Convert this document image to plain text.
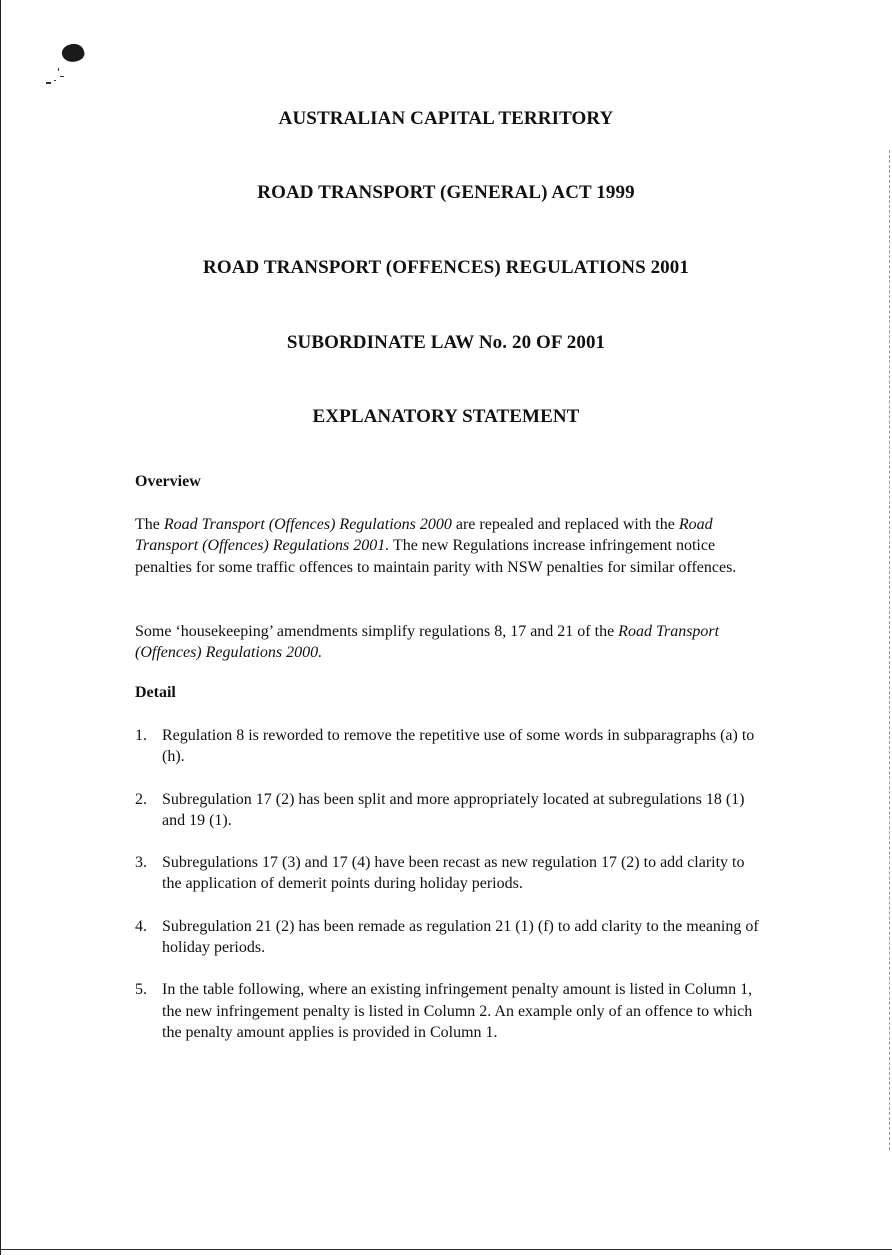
AUSTRALIAN CAPITAL TERRITORY
ROAD TRANSPORT (GENERAL) ACT 1999
ROAD TRANSPORT (OFFENCES) REGULATIONS 2001
SUBORDINATE LAW No. 20 OF 2001
EXPLANATORY STATEMENT
Overview

The Road Transport (Offences) Regulations 2000 are repealed and replaced with the Road Transport (Offences) Regulations 2001. The new Regulations increase infringement notice penalties for some traffic offences to maintain parity with NSW penalties for similar offences.

Some ‘housekeeping’ amendments simplify regulations 8, 17 and 21 of the Road Transport (Offences) Regulations 2000.

Detail
1. Regulation 8 is reworded to remove the repetitive use of some words in subparagraphs (a) to (h).
2. Subregulation 17 (2) has been split and more appropriately located at subregulations 18 (1) and 19 (1).
3. Subregulations 17 (3) and 17 (4) have been recast as new regulation 17 (2) to add clarity to the application of demerit points during holiday periods.
4. Subregulation 21 (2) has been remade as regulation 21 (1) (f) to add clarity to the meaning of holiday periods.
5. In the table following, where an existing infringement penalty amount is listed in Column 1, the new infringement penalty is listed in Column 2. An example only of an offence to which the penalty amount applies is provided in Column 1.
